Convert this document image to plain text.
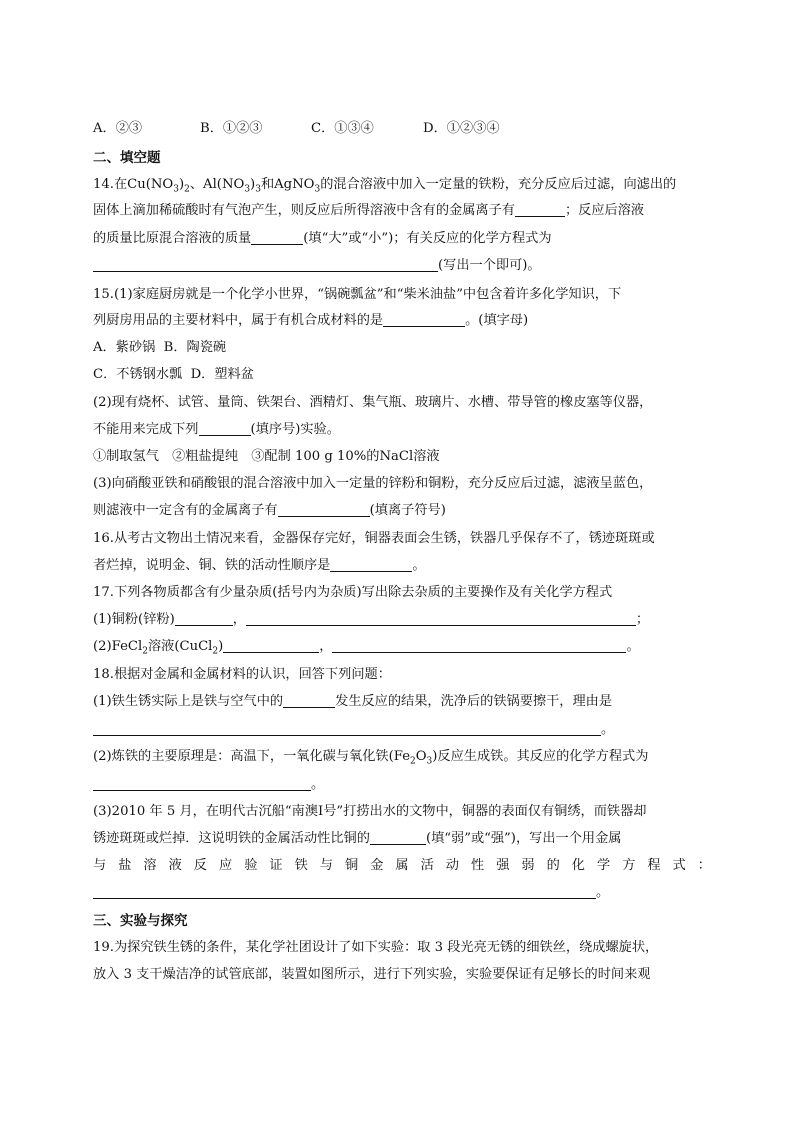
A．②③	B．①②③	C．①③④	D．①②③④
二、填空题
14.在$Cu(NO_3)_2$、$Al(NO_3)_3$和AgNO$_3$的混合溶液中加入一定量的铁粉，充分反应后过滤，向滤出的
固体上滴加稀硫酸时有气泡产生，则反应后所得溶液中含有的金属离子有	；反应后溶液
的质量比原混合溶液的质量	(填“大”或“小”)；有关反应的化学方程式为
(写出一个即可)。
15.(1)家庭厨房就是一个化学小世界，“锅碗瓢盆”和“柴米油盐”中包含着许多化学知识，下
列厨房用品的主要材料中，属于有机合成材料的是	。(填字母)
A．紫砂锅 B．陶瓷碗
C．不锈钢水瓢 D．塑料盆
(2)现有烧杯、试管、量筒、铁架台、酒精灯、集气瓶、玻璃片、水槽、带导管的橡皮塞等仪器，
不能用来完成下列	(填序号)实验。
①制取氢气　②粗盐提纯　③配制 100 g 10%的NaCl溶液
(3)向硝酸亚铁和硝酸银的混合溶液中加入一定量的锌粉和铜粉，充分反应后过滤，滤液呈蓝色，
则滤液中一定含有的金属离子有	(填离子符号)
16.从考古文物出土情况来看，金器保存完好，铜器表面会生锈，铁器几乎保存不了，锈迹斑斑或
者烂掉，说明金、铜、铁的活动性顺序是	。
17.下列各物质都含有少量杂质(括号内为杂质)写出除去杂质的主要操作及有关化学方程式
(1)铜粉(锌粉)	，	；
(2)FeCl$_2$溶液(CuCl$_2$)	，	。
18.根据对金属和金属材料的认识，回答下列问题：
(1)铁生锈实际上是铁与空气中的	发生反应的结果，洗净后的铁锅要擦干，理由是
。
(2)炼铁的主要原理是：高温下，一氧化碳与氧化铁$(Fe_2O_3)$反应生成铁。其反应的化学方程式为
。
(3)2010 年 5 月，在明代古沉船“南澳Ⅰ号”打捞出水的文物中，铜器的表面仅有铜绣，而铁器却
锈迹斑斑或烂掉．这说明铁的金属活动性比铜的	(填“弱”或“强”)，写出一个用金属
与盐溶液反应验证铁与铜金属活动性强弱的化学方程式：
。
三、实验与探究
19.为探究铁生锈的条件，某化学社团设计了如下实验：取 3 段光亮无锈的细铁丝，绕成螺旋状，
放入 3 支干燥洁净的试管底部，装置如图所示，进行下列实验，实验要保证有足够长的时间来观
